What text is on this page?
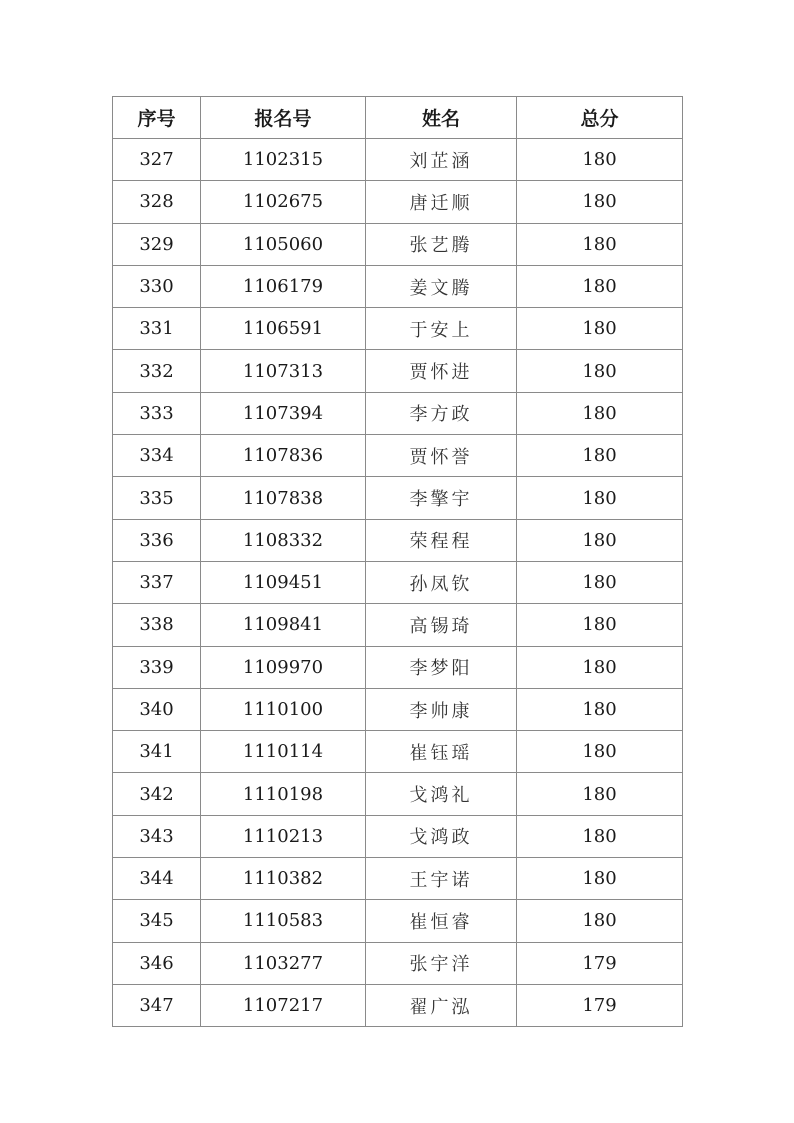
序号	报名号	姓名	总分
327	1102315	刘芷涵	180
328	1102675	唐迁顺	180
329	1105060	张艺腾	180
330	1106179	姜文腾	180
331	1106591	于安上	180
332	1107313	贾怀进	180
333	1107394	李方政	180
334	1107836	贾怀誉	180
335	1107838	李擎宇	180
336	1108332	荣程程	180
337	1109451	孙凤钦	180
338	1109841	高锡琦	180
339	1109970	李梦阳	180
340	1110100	李帅康	180
341	1110114	崔钰瑶	180
342	1110198	戈鸿礼	180
343	1110213	戈鸿政	180
344	1110382	王宇诺	180
345	1110583	崔恒睿	180
346	1103277	张宇洋	179
347	1107217	翟广泓	179
